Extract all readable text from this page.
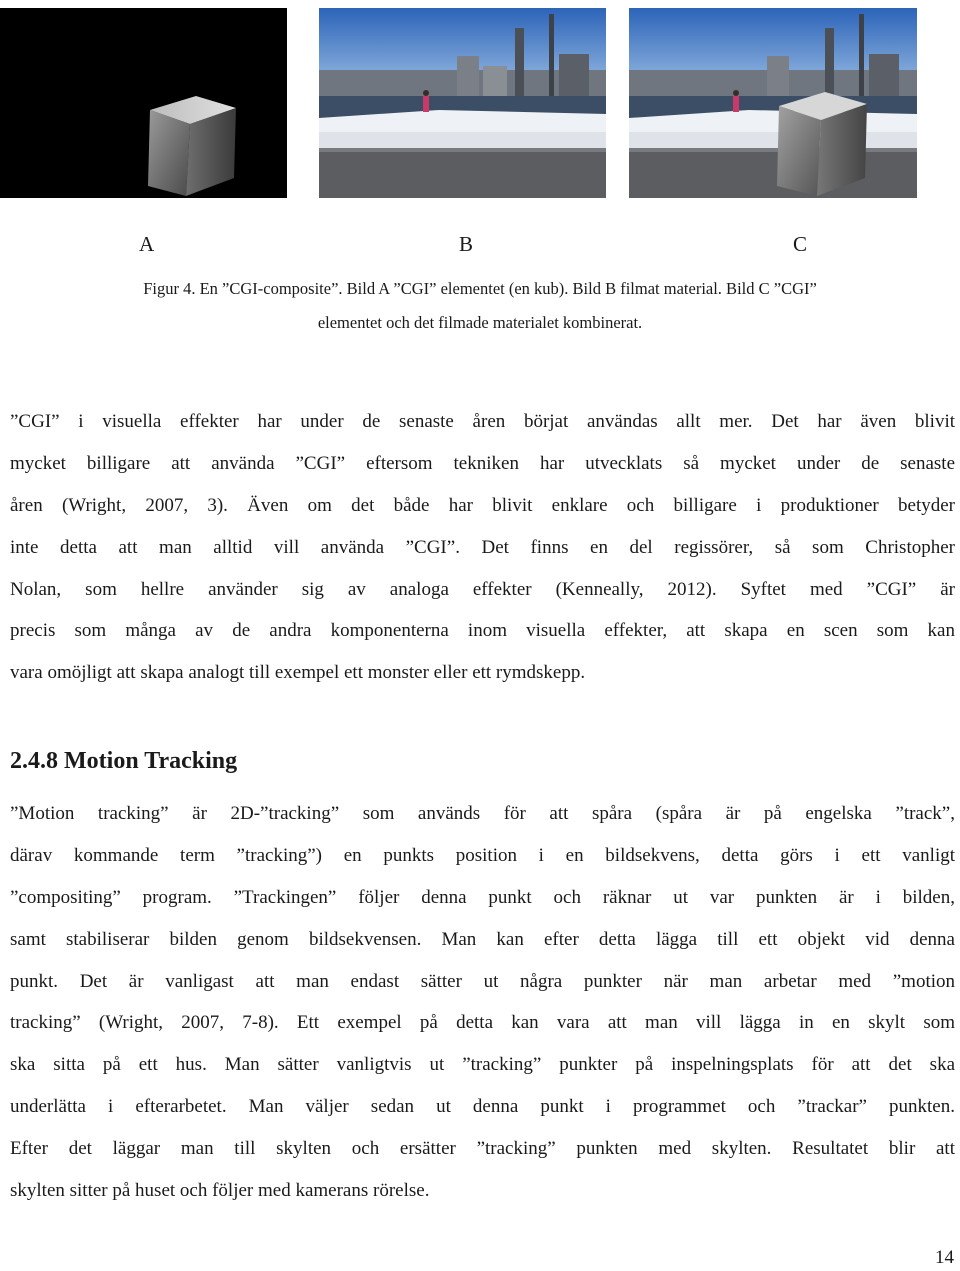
A	B	C
Figur 4. En ”CGI-composite”. Bild A ”CGI” elementet (en kub). Bild B filmat material. Bild C ”CGI”
elementet och det filmade materialet kombinerat.

”CGI” i visuella effekter har under de senaste åren börjat användas allt mer. Det har även blivit
mycket billigare att använda ”CGI” eftersom tekniken har utvecklats så mycket under de senaste
åren (Wright, 2007, 3). Även om det både har blivit enklare och billigare i produktioner betyder
inte detta att man alltid vill använda ”CGI”. Det finns en del regissörer, så som Christopher
Nolan, som hellre använder sig av analoga effekter (Kenneally, 2012). Syftet med ”CGI” är
precis som många av de andra komponenterna inom visuella effekter, att skapa en scen som kan
vara omöjligt att skapa analogt till exempel ett monster eller ett rymdskepp.

2.4.8 Motion Tracking

”Motion tracking” är 2D-”tracking” som används för att spåra (spåra är på engelska ”track”,
därav kommande term ”tracking”) en punkts position i en bildsekvens, detta görs i ett vanligt
”compositing” program. ”Trackingen” följer denna punkt och räknar ut var punkten är i bilden,
samt stabiliserar bilden genom bildsekvensen. Man kan efter detta lägga till ett objekt vid denna
punkt. Det är vanligast att man endast sätter ut några punkter när man arbetar med ”motion
tracking” (Wright, 2007, 7-8). Ett exempel på detta kan vara att man vill lägga in en skylt som
ska sitta på ett hus. Man sätter vanligtvis ut ”tracking” punkter på inspelningsplats för att det ska
underlätta i efterarbetet. Man väljer sedan ut denna punkt i programmet och ”trackar” punkten.
Efter det läggar man till skylten och ersätter ”tracking” punkten med skylten. Resultatet blir att
skylten sitter på huset och följer med kamerans rörelse.

14
